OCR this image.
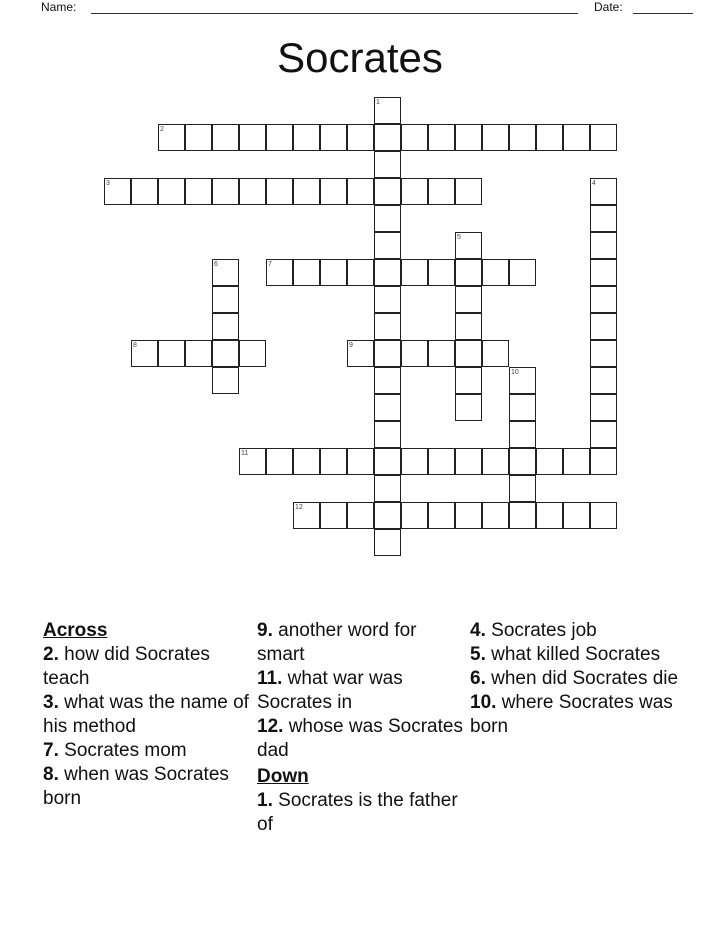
Name:	Date:
Socrates
1
2
3	4
5
6	7
8	9
10
11
12
Across

2. how did Socrates teach

3. what was the name of his method

7. Socrates mom

8. when was Socrates born

9. another word for smart

11. what war was Socrates in

12. whose was Socrates dad

Down

1. Socrates is the father of

4. Socrates job

5. what killed Socrates

6. when did Socrates die

10. where Socrates was born
